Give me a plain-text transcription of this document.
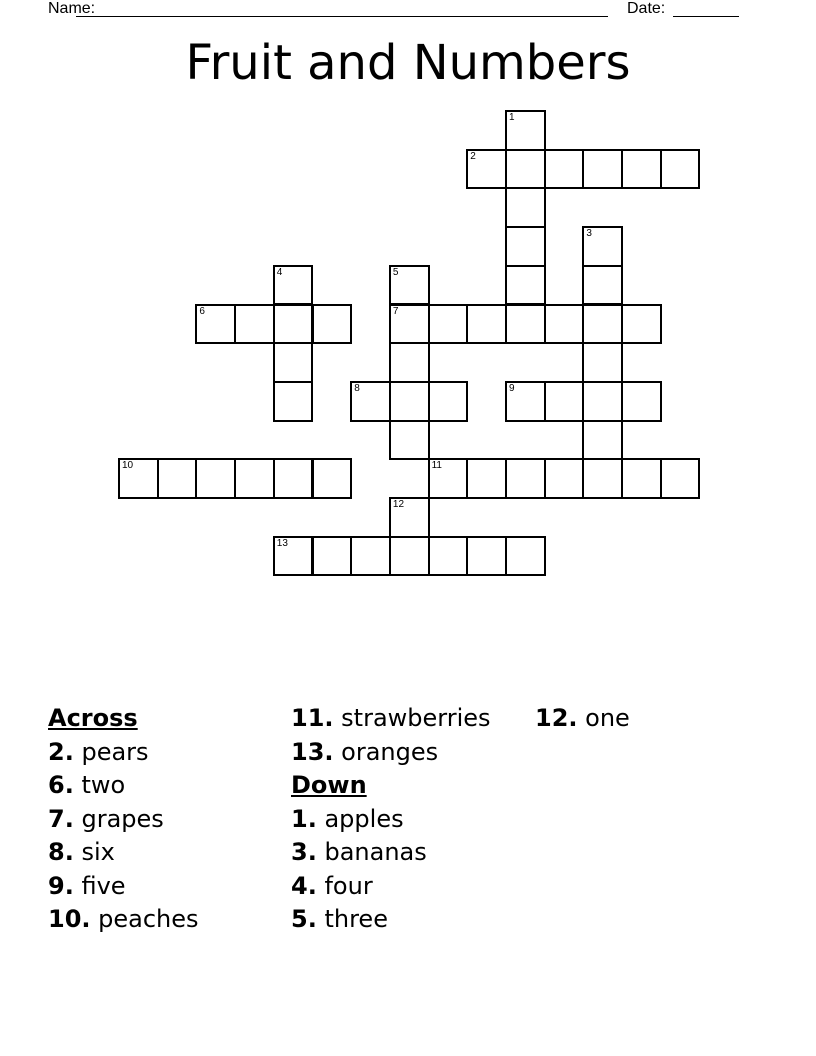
Name:	Date:
Fruit and Numbers
2
6	7
8	9
10	11
13
1
3
4	5
12
Across
2. pears
6. two
7. grapes
8. six
9. five
10. peaches
11. strawberries
13. oranges
Down
1. apples
3. bananas
4. four
5. three
12. one
